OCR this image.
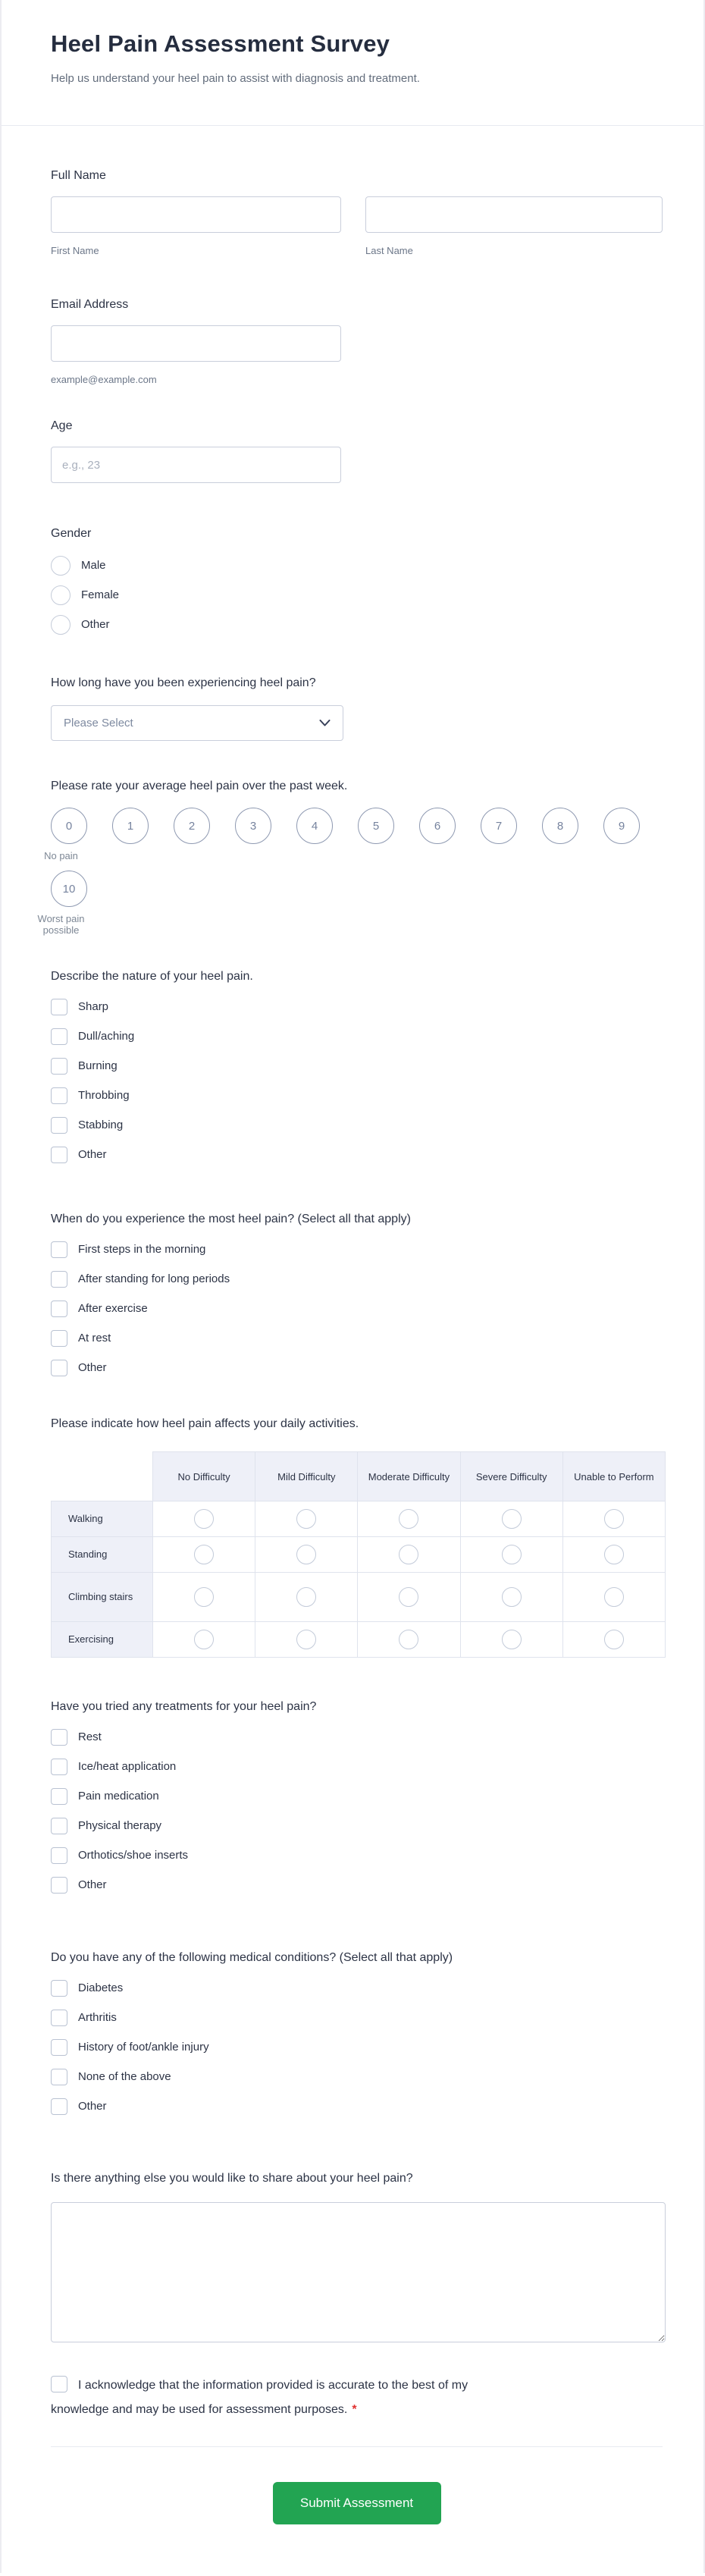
Heel Pain Assessment Survey
Help us understand your heel pain to assist with diagnosis and treatment.
Full Name
First Name	Last Name
Email Address
example@example.com
Age
e.g., 23
Gender
Male
Female
Other
How long have you been experiencing heel pain?
Please Select
Please rate your average heel pain over the past week.
0
No pain
1	2	3	4	5	6	7	8	9
10
Worst pain possible
Describe the nature of your heel pain.
Sharp
Dull/aching
Burning
Throbbing
Stabbing
Other
When do you experience the most heel pain? (Select all that apply)
First steps in the morning
After standing for long periods
After exercise
At rest
Other
Please indicate how heel pain affects your daily activities.
	No Difficulty	Mild Difficulty	Moderate Difficulty	Severe Difficulty	Unable to Perform
Walking					
Standing					
Climbing stairs					
Exercising					
Have you tried any treatments for your heel pain?
Rest
Ice/heat application
Pain medication
Physical therapy
Orthotics/shoe inserts
Other
Do you have any of the following medical conditions? (Select all that apply)
Diabetes
Arthritis
History of foot/ankle injury
None of the above
Other
Is there anything else you would like to share about your heel pain?
I acknowledge that the information provided is accurate to the best of my knowledge and may be used for assessment purposes. *
Submit Assessment
